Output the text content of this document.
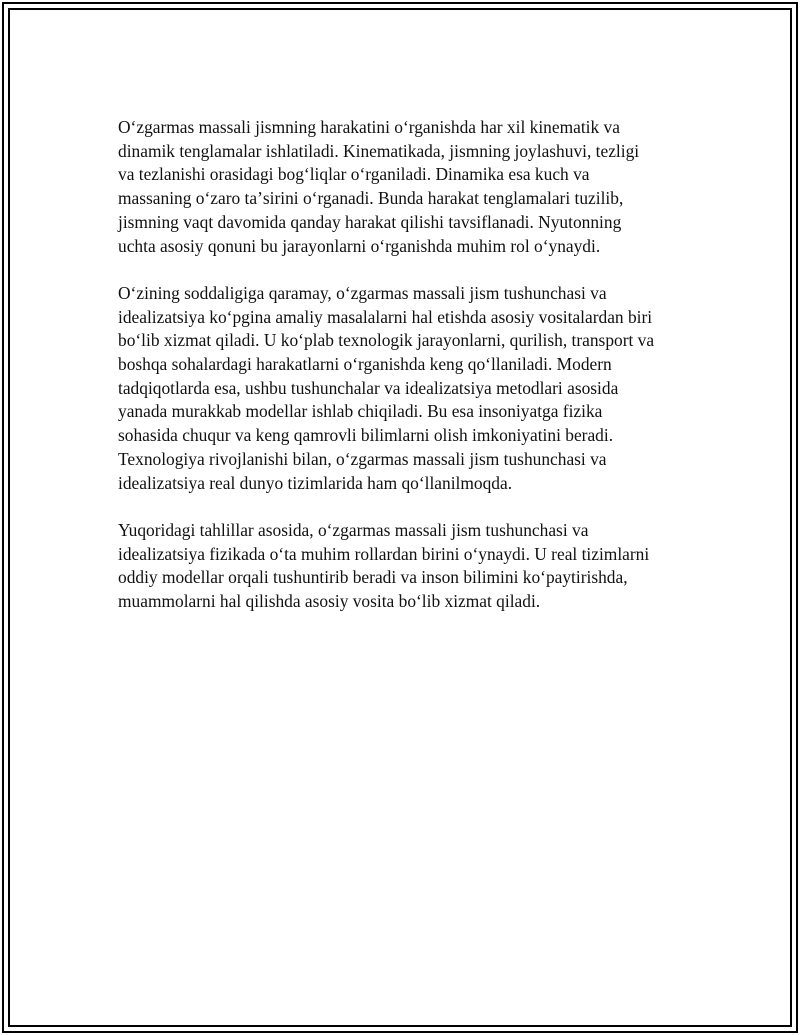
Oʻzgarmas massali jismning harakatini oʻrganishda har xil kinematik va
dinamik tenglamalar ishlatiladi. Kinematikada, jismning joylashuvi, tezligi
va tezlanishi orasidagi bogʻliqlar oʻrganiladi. Dinamika esa kuch va
massaning oʻzaro taʼsirini oʻrganadi. Bunda harakat tenglamalari tuzilib,
jismning vaqt davomida qanday harakat qilishi tavsiflanadi. Nyutonning
uchta asosiy qonuni bu jarayonlarni oʻrganishda muhim rol oʻynaydi.

Oʻzining soddaligiga qaramay, oʻzgarmas massali jism tushunchasi va
idealizatsiya koʻpgina amaliy masalalarni hal etishda asosiy vositalardan biri
boʻlib xizmat qiladi. U koʻplab texnologik jarayonlarni, qurilish, transport va
boshqa sohalardagi harakatlarni oʻrganishda keng qoʻllaniladi. Modern
tadqiqotlarda esa, ushbu tushunchalar va idealizatsiya metodlari asosida
yanada murakkab modellar ishlab chiqiladi. Bu esa insoniyatga fizika
sohasida chuqur va keng qamrovli bilimlarni olish imkoniyatini beradi.
Texnologiya rivojlanishi bilan, oʻzgarmas massali jism tushunchasi va
idealizatsiya real dunyo tizimlarida ham qoʻllanilmoqda.

Yuqoridagi tahlillar asosida, oʻzgarmas massali jism tushunchasi va
idealizatsiya fizikada oʻta muhim rollardan birini oʻynaydi. U real tizimlarni
oddiy modellar orqali tushuntirib beradi va inson bilimini koʻpaytirishda,
muammolarni hal qilishda asosiy vosita boʻlib xizmat qiladi.
